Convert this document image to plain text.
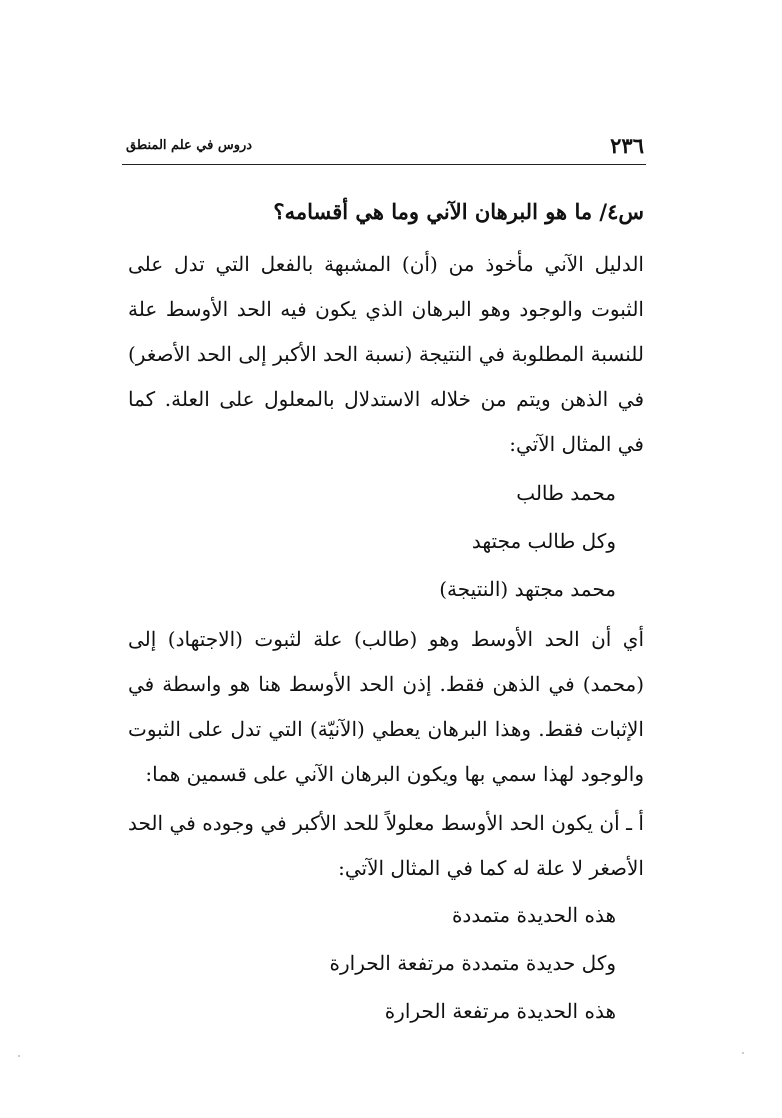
٢٣٦
دروس في علم المنطق

س٤/ ما هو البرهان الآني وما هي أقسامه؟

الدليل الآني مأخوذ من (أن) المشبهة بالفعل التي تدل على الثبوت والوجود وهو البرهان الذي يكون فيه الحد الأوسط علة للنسبة المطلوبة في النتيجة (نسبة الحد الأكبر إلى الحد الأصغر) في الذهن ويتم من خلاله الاستدلال بالمعلول على العلة. كما في المثال الآتي:

محمد طالب
وكل طالب مجتهد
محمد مجتهد (النتيجة)

أي أن الحد الأوسط وهو (طالب) علة لثبوت (الاجتهاد) إلى (محمد) في الذهن فقط. إذن الحد الأوسط هنا هو واسطة في الإثبات فقط. وهذا البرهان يعطي (الآنيّة) التي تدل على الثبوت والوجود لهذا سمي بها ويكون البرهان الآني على قسمين هما:

أ ـ أن يكون الحد الأوسط معلولاً للحد الأكبر في وجوده في الحد الأصغر لا علة له كما في المثال الآتي:

هذه الحديدة متمددة
وكل حديدة متمددة مرتفعة الحرارة
هذه الحديدة مرتفعة الحرارة
